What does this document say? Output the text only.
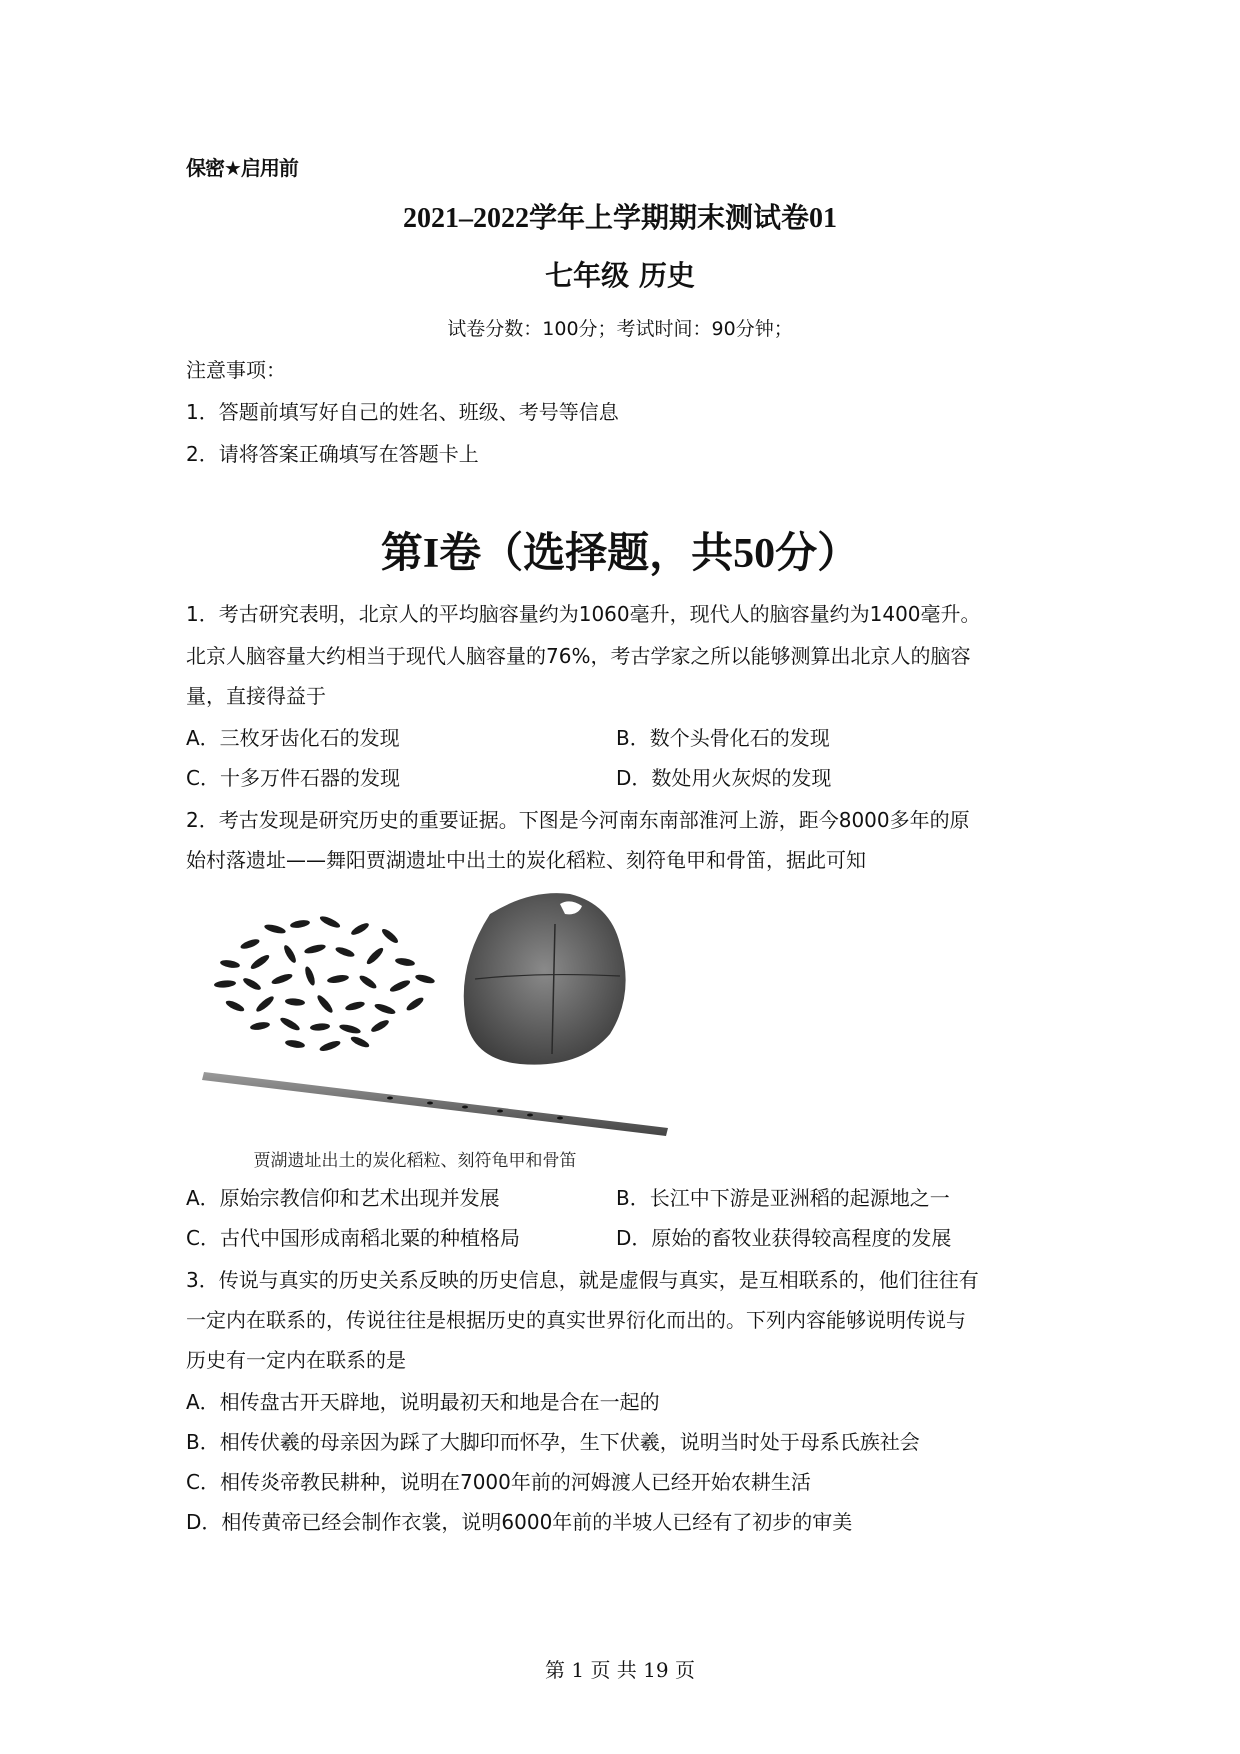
保密★启用前
2021–2022学年上学期期末测试卷01
七年级 历史
试卷分数：100分；考试时间：90分钟；
注意事项：
1．答题前填写好自己的姓名、班级、考号等信息
2．请将答案正确填写在答题卡上
第I卷（选择题，共50分）
1．考古研究表明，北京人的平均脑容量约为1060毫升，现代人的脑容量约为1400毫升。
北京人脑容量大约相当于现代人脑容量的76%，考古学家之所以能够测算出北京人的脑容
量，直接得益于
A．三枚牙齿化石的发现	B．数个头骨化石的发现
C．十多万件石器的发现	D．数处用火灰烬的发现
2．考古发现是研究历史的重要证据。下图是今河南东南部淮河上游，距今8000多年的原
始村落遗址——舞阳贾湖遗址中出土的炭化稻粒、刻符龟甲和骨笛，据此可知
贾湖遗址出土的炭化稻粒、刻符龟甲和骨笛
A．原始宗教信仰和艺术出现并发展	B．长江中下游是亚洲稻的起源地之一
C．古代中国形成南稻北粟的种植格局	D．原始的畜牧业获得较高程度的发展
3．传说与真实的历史关系反映的历史信息，就是虚假与真实，是互相联系的，他们往往有
一定内在联系的，传说往往是根据历史的真实世界衍化而出的。下列内容能够说明传说与
历史有一定内在联系的是
A．相传盘古开天辟地，说明最初天和地是合在一起的
B．相传伏羲的母亲因为踩了大脚印而怀孕，生下伏羲，说明当时处于母系氏族社会
C．相传炎帝教民耕种，说明在7000年前的河姆渡人已经开始农耕生活
D．相传黄帝已经会制作衣裳，说明6000年前的半坡人已经有了初步的审美
第 1 页 共 19 页
